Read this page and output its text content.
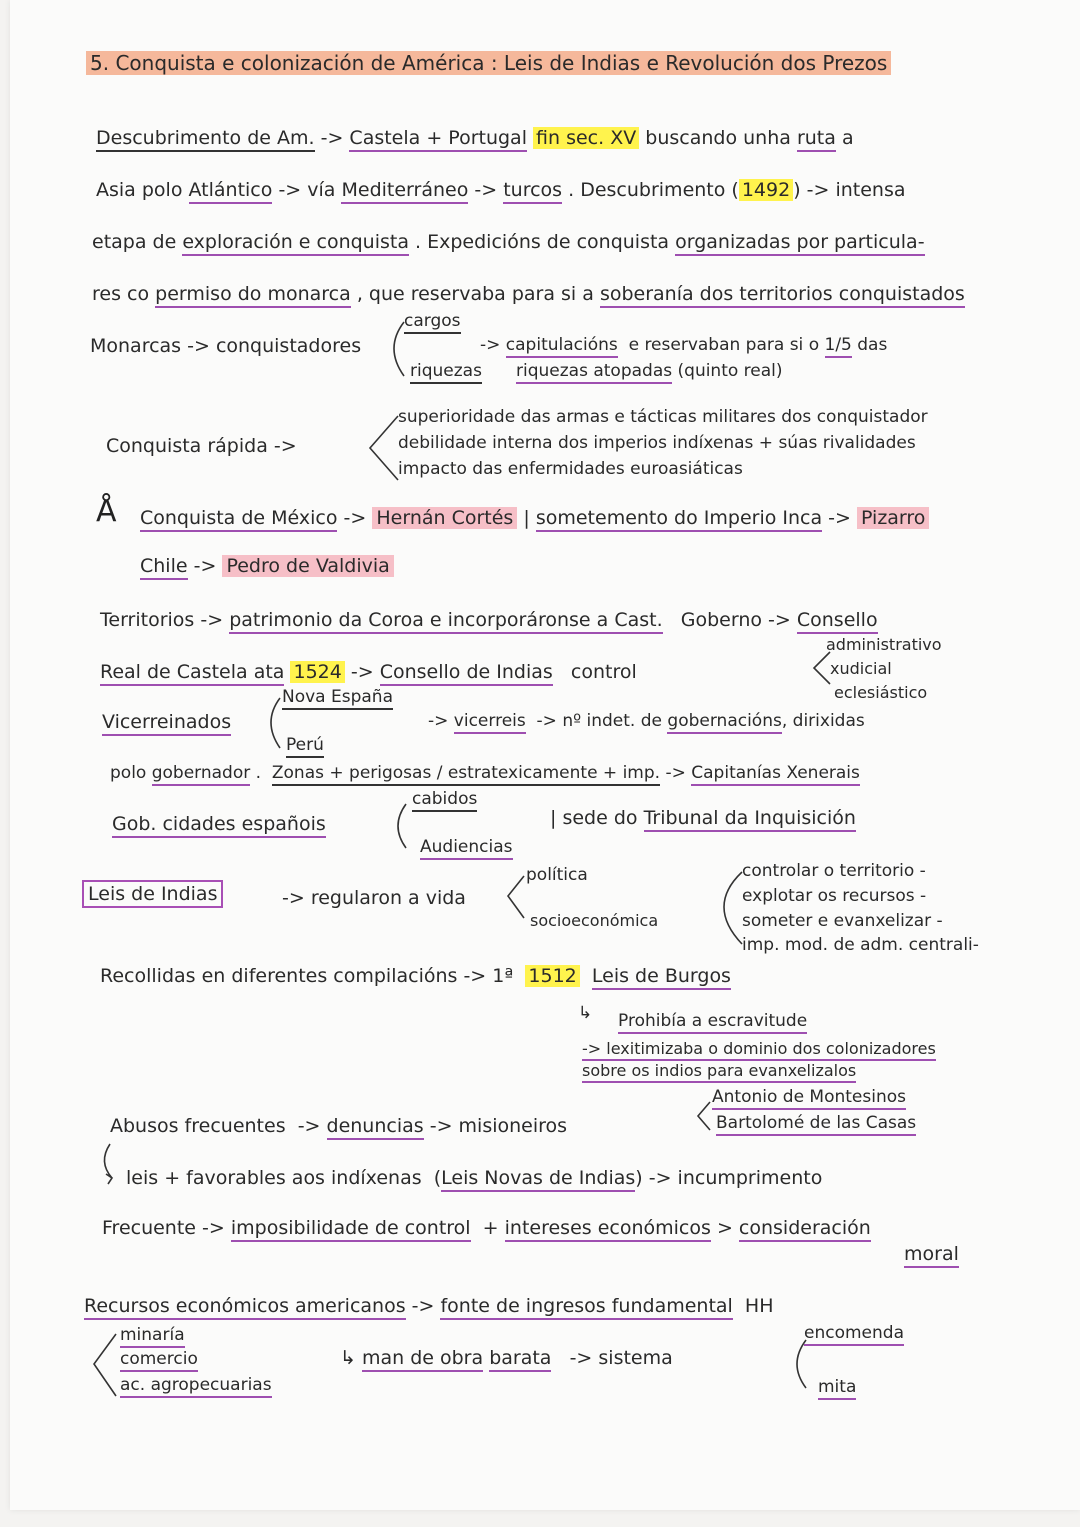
5. Conquista e colonización de América : Leis de Indias e Revolución dos Prezos
Descubrimento de Am. -> Castela + Portugal fin sec. XV buscando unha ruta a
Asia polo Atlántico -> vía Mediterráneo -> turcos . Descubrimento ( 1492 ) -> intensa
etapa de exploración e conquista . Expedicións de conquista organizadas por particula-
res co permiso do monarca , que reservaba para si a soberanía dos territorios conquistados
Monarcas -> conquistadores
cargos
riquezas
-> capitulacións e reservaban para si o 1/5 das
riquezas atopadas (quinto real)
Conquista rápida ->
superioridade das armas e tácticas militares dos conquistador
debilidade interna dos imperios indíxenas + súas rivalidades
impacto das enfermidades euroasiáticas
Å Conquista de México -> Hernán Cortés | sometemento do Imperio Inca -> Pizarro
Chile -> Pedro de Valdivia
Territorios -> patrimonio da Coroa e incorporáronse a Cast. Goberno -> Consello
administrativo
xudicial
eclesiástico
Real de Castela ata 1524 -> Consello de Indias control
Vicerreinados
Nova España
Perú
-> vicerreis -> nº indet. de gobernacións, dirixidas
polo gobernador . Zonas + perigosas / estratexicamente + imp. -> Capitanías Xenerais
Gob. cidades españois
cabidos
Audiencias
| sede do Tribunal da Inquisición
Leis de Indias	-> regularon a vida
política
socioeconómica
controlar o territorio -
explotar os recursos -
someter e evanxelizar -
imp. mod. de adm. centrali-
Recollidas en diferentes compilacións -> 1ª 1512 Leis de Burgos
↳ Prohibía a escravitude
-> lexitimizaba o dominio dos colonizadores
sobre os indios para evanxelizalos
Antonio de Montesinos
Bartolomé de las Casas
Abusos frecuentes -> denuncias -> misioneiros
leis + favorables aos indíxenas (Leis Novas de Indias) -> incumprimento
Frecuente -> imposibilidade de control + intereses económicos > consideración
moral
Recursos económicos americanos -> fonte de ingresos fundamental HH
minaría
comercio
ac. agropecuarias
↳ man de obra barata -> sistema
encomenda
mita
